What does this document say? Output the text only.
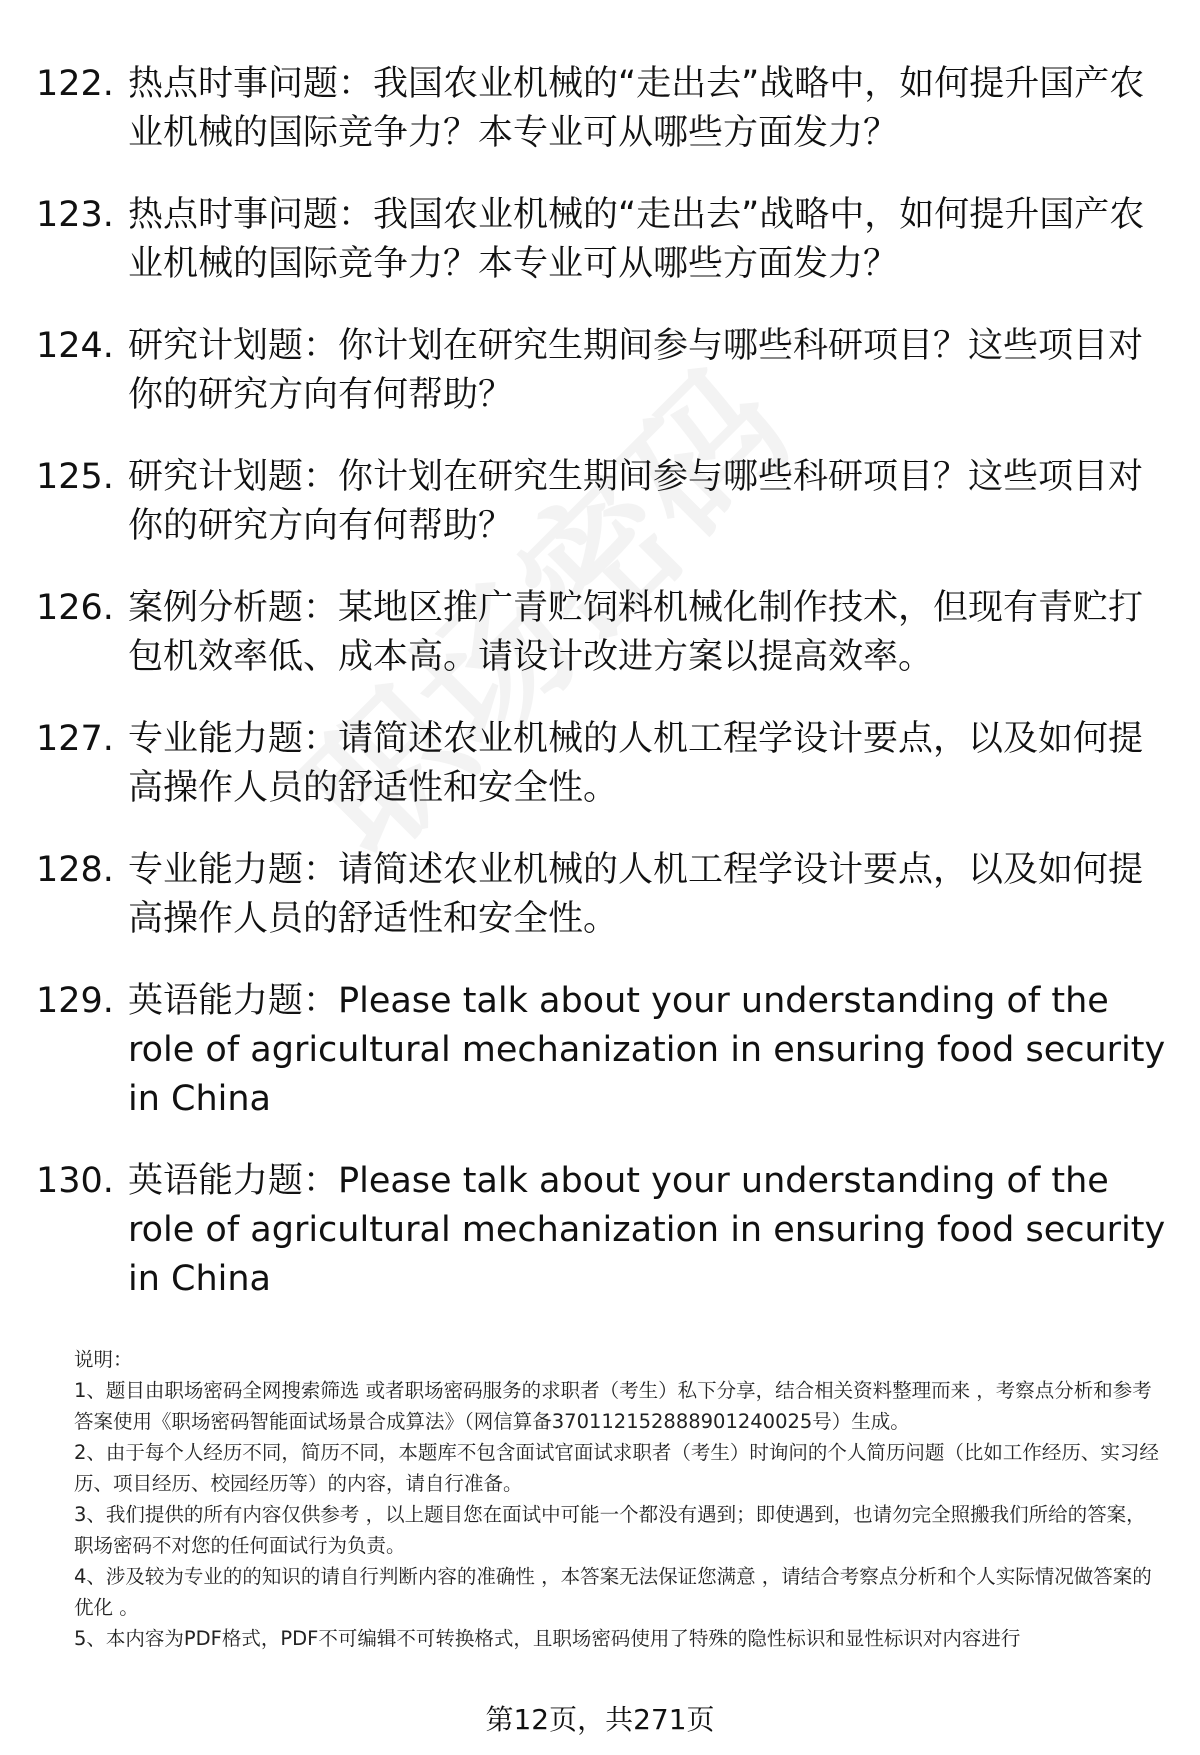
122. 热点时事问题：我国农业机械的“走出去”战略中，如何提升国产农业机械的国际竞争力？本专业可从哪些方面发力？
123. 热点时事问题：我国农业机械的“走出去”战略中，如何提升国产农业机械的国际竞争力？本专业可从哪些方面发力？
124. 研究计划题：你计划在研究生期间参与哪些科研项目？这些项目对你的研究方向有何帮助？
125. 研究计划题：你计划在研究生期间参与哪些科研项目？这些项目对你的研究方向有何帮助？
126. 案例分析题：某地区推广青贮饲料机械化制作技术，但现有青贮打包机效率低、成本高。请设计改进方案以提高效率。
127. 专业能力题：请简述农业机械的人机工程学设计要点，以及如何提高操作人员的舒适性和安全性。
128. 专业能力题：请简述农业机械的人机工程学设计要点，以及如何提高操作人员的舒适性和安全性。
129. 英语能力题：Please talk about your understanding of the role of agricultural mechanization in ensuring food security in China
130. 英语能力题：Please talk about your understanding of the role of agricultural mechanization in ensuring food security in China

说明：

1、题目由职场密码全网搜索筛选 或者职场密码服务的求职者（考生）私下分享，结合相关资料整理而来 ，考察点分析和参考答案使用《职场密码智能面试场景合成算法》（网信算备370112152888901240025号）生成。

2、由于每个人经历不同，简历不同，本题库不包含面试官面试求职者（考生）时询问的个人简历问题（比如工作经历、实习经历、项目经历、校园经历等）的内容，请自行准备。

3、我们提供的所有内容仅供参考 ，以上题目您在面试中可能一个都没有遇到；即使遇到，也请勿完全照搬我们所给的答案，职场密码不对您的任何面试行为负责。

4、涉及较为专业的的知识的请自行判断内容的准确性 ，本答案无法保证您满意 ，请结合考察点分析和个人实际情况做答案的优化 。

5、本内容为PDF格式，PDF不可编辑不可转换格式，且职场密码使用了特殊的隐性标识和显性标识对内容进行

第12页，共271页
